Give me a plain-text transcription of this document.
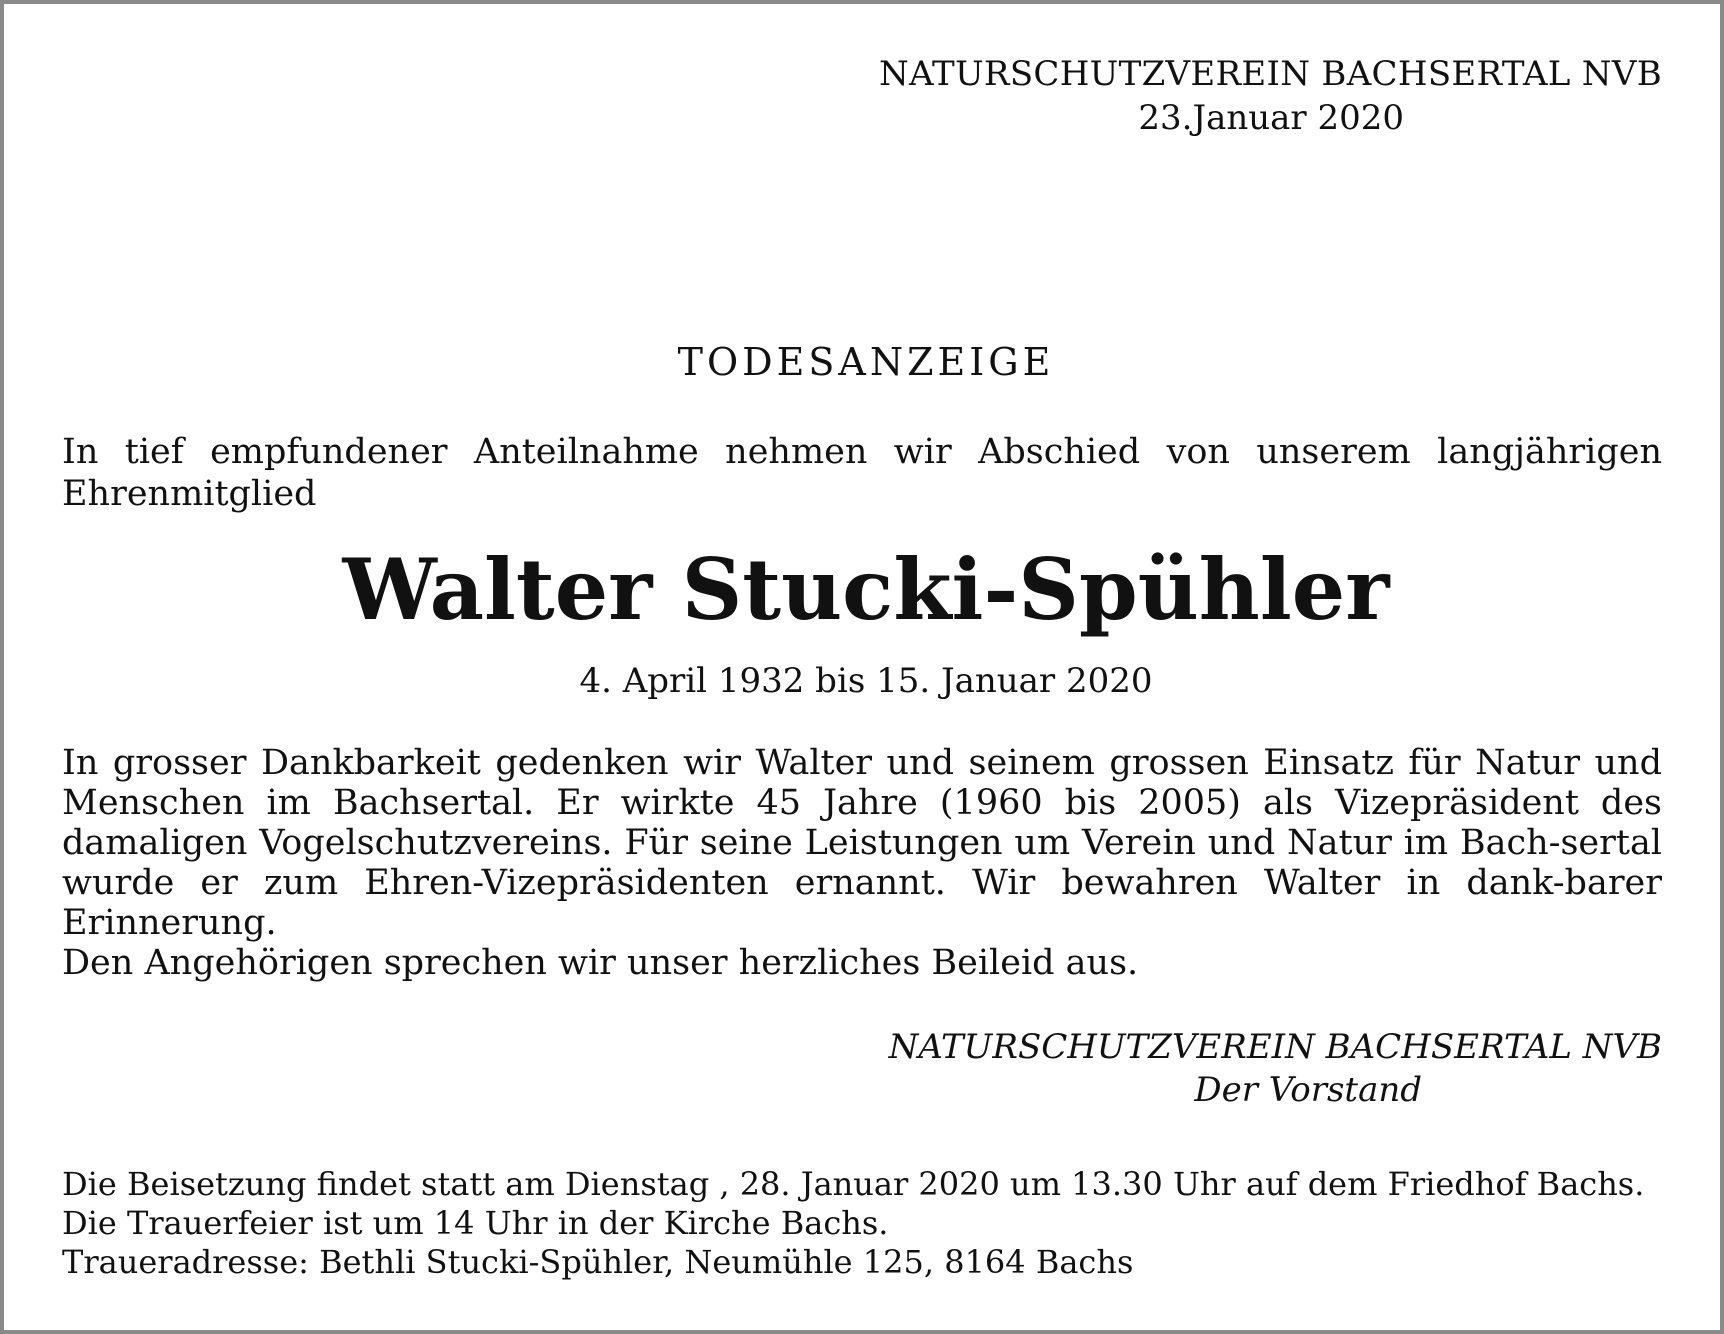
NATURSCHUTZVEREIN BACHSERTAL NVB
23.Januar 2020
TODESANZEIGE
In tief empfundener Anteilnahme nehmen wir Abschied von unserem langjährigen Ehrenmitglied
Walter Stucki-Spühler
4. April 1932 bis 15. Januar 2020
In grosser Dankbarkeit gedenken wir Walter und seinem grossen Einsatz für Natur und Menschen im Bachsertal. Er wirkte 45 Jahre (1960 bis 2005) als Vizepräsident des damaligen Vogelschutzvereins. Für seine Leistungen um Verein und Natur im Bach-sertal wurde er zum Ehren-Vizepräsidenten ernannt. Wir bewahren Walter in dank-barer Erinnerung.
Den Angehörigen sprechen wir unser herzliches Beileid aus.
NATURSCHUTZVEREIN BACHSERTAL NVB
Der Vorstand
Die Beisetzung findet statt am Dienstag , 28. Januar 2020 um 13.30 Uhr auf dem Friedhof Bachs.
Die Trauerfeier ist um 14 Uhr in der Kirche Bachs.
Traueradresse: Bethli Stucki-Spühler, Neumühle 125, 8164 Bachs
